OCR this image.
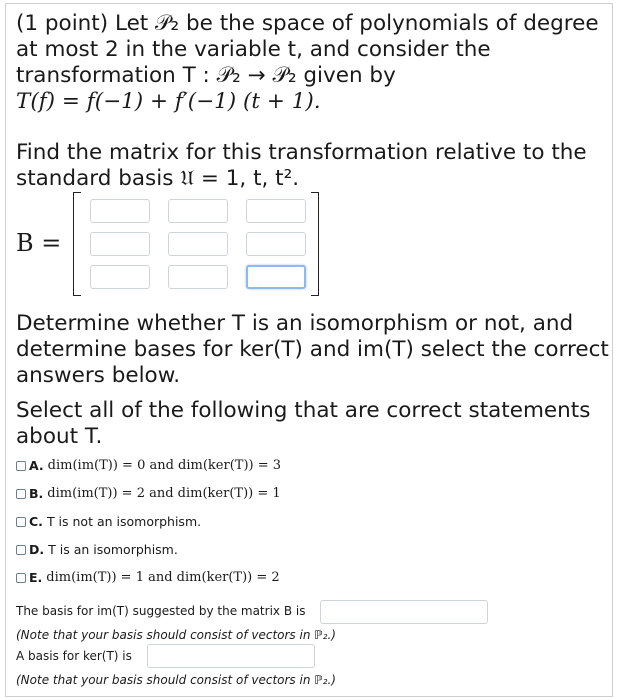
(1 point) Let 𝒫₂ be the space of polynomials of degree at most 2 in the variable t, and consider the transformation T : 𝒫₂ → 𝒫₂ given by
T(f) = f(−1) + f′(−1) (t + 1).
Find the matrix for this transformation relative to the standard basis 𝔘 = 1, t, t².
B =
Determine whether T is an isomorphism or not, and determine bases for ker(T) and im(T) select the correct answers below.
Select all of the following that are correct statements about T.
A. dim(im(T)) = 0 and dim(ker(T)) = 3
B. dim(im(T)) = 2 and dim(ker(T)) = 1
C. T is not an isomorphism.
D. T is an isomorphism.
E. dim(im(T)) = 1 and dim(ker(T)) = 2
The basis for im(T) suggested by the matrix B is
(Note that your basis should consist of vectors in ℙ₂.)
A basis for ker(T) is
(Note that your basis should consist of vectors in ℙ₂.)
